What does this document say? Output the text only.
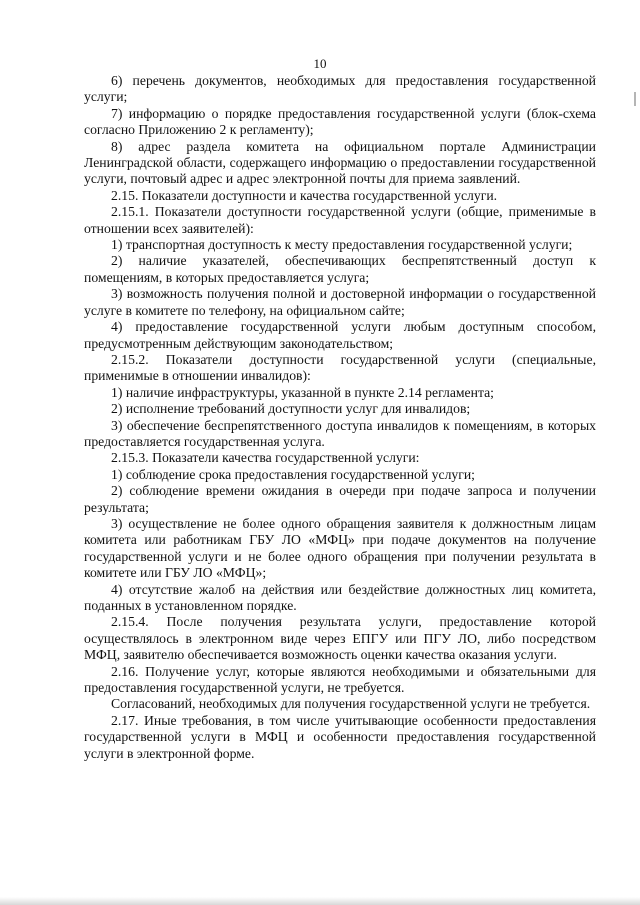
10

6) перечень документов, необходимых для предоставления государственной услуги;

7) информацию о порядке предоставления государственной услуги (блок-схема согласно Приложению 2 к регламенту);

8) адрес раздела комитета на официальном портале Администрации Ленинградской области, содержащего информацию о предоставлении государственной услуги, почтовый адрес и адрес электронной почты для приема заявлений.

2.15. Показатели доступности и качества государственной услуги.

2.15.1. Показатели доступности государственной услуги (общие, применимые в отношении всех заявителей):

1) транспортная доступность к месту предоставления государственной услуги;

2) наличие указателей, обеспечивающих беспрепятственный доступ к помещениям, в которых предоставляется услуга;

3) возможность получения полной и достоверной информации о государственной услуге в комитете по телефону, на официальном сайте;

4) предоставление государственной услуги любым доступным способом, предусмотренным действующим законодательством;

2.15.2. Показатели доступности государственной услуги (специальные, применимые в отношении инвалидов):

1) наличие инфраструктуры, указанной в пункте 2.14 регламента;

2) исполнение требований доступности услуг для инвалидов;

3) обеспечение беспрепятственного доступа инвалидов к помещениям, в которых предоставляется государственная услуга.

2.15.3. Показатели качества государственной услуги:

1) соблюдение срока предоставления государственной услуги;

2) соблюдение времени ожидания в очереди при подаче запроса и получении результата;

3) осуществление не более одного обращения заявителя к должностным лицам комитета или работникам ГБУ ЛО «МФЦ» при подаче документов на получение государственной услуги и не более одного обращения при получении результата в комитете или ГБУ ЛО «МФЦ»;

4) отсутствие жалоб на действия или бездействие должностных лиц комитета, поданных в установленном порядке.

2.15.4. После получения результата услуги, предоставление которой осуществлялось в электронном виде через ЕПГУ или ПГУ ЛО, либо посредством МФЦ, заявителю обеспечивается возможность оценки качества оказания услуги.

2.16. Получение услуг, которые являются необходимыми и обязательными для предоставления государственной услуги, не требуется.

Согласований, необходимых для получения государственной услуги не требуется.

2.17. Иные требования, в том числе учитывающие особенности предоставления государственной услуги в МФЦ и особенности предоставления государственной услуги в электронной форме.
